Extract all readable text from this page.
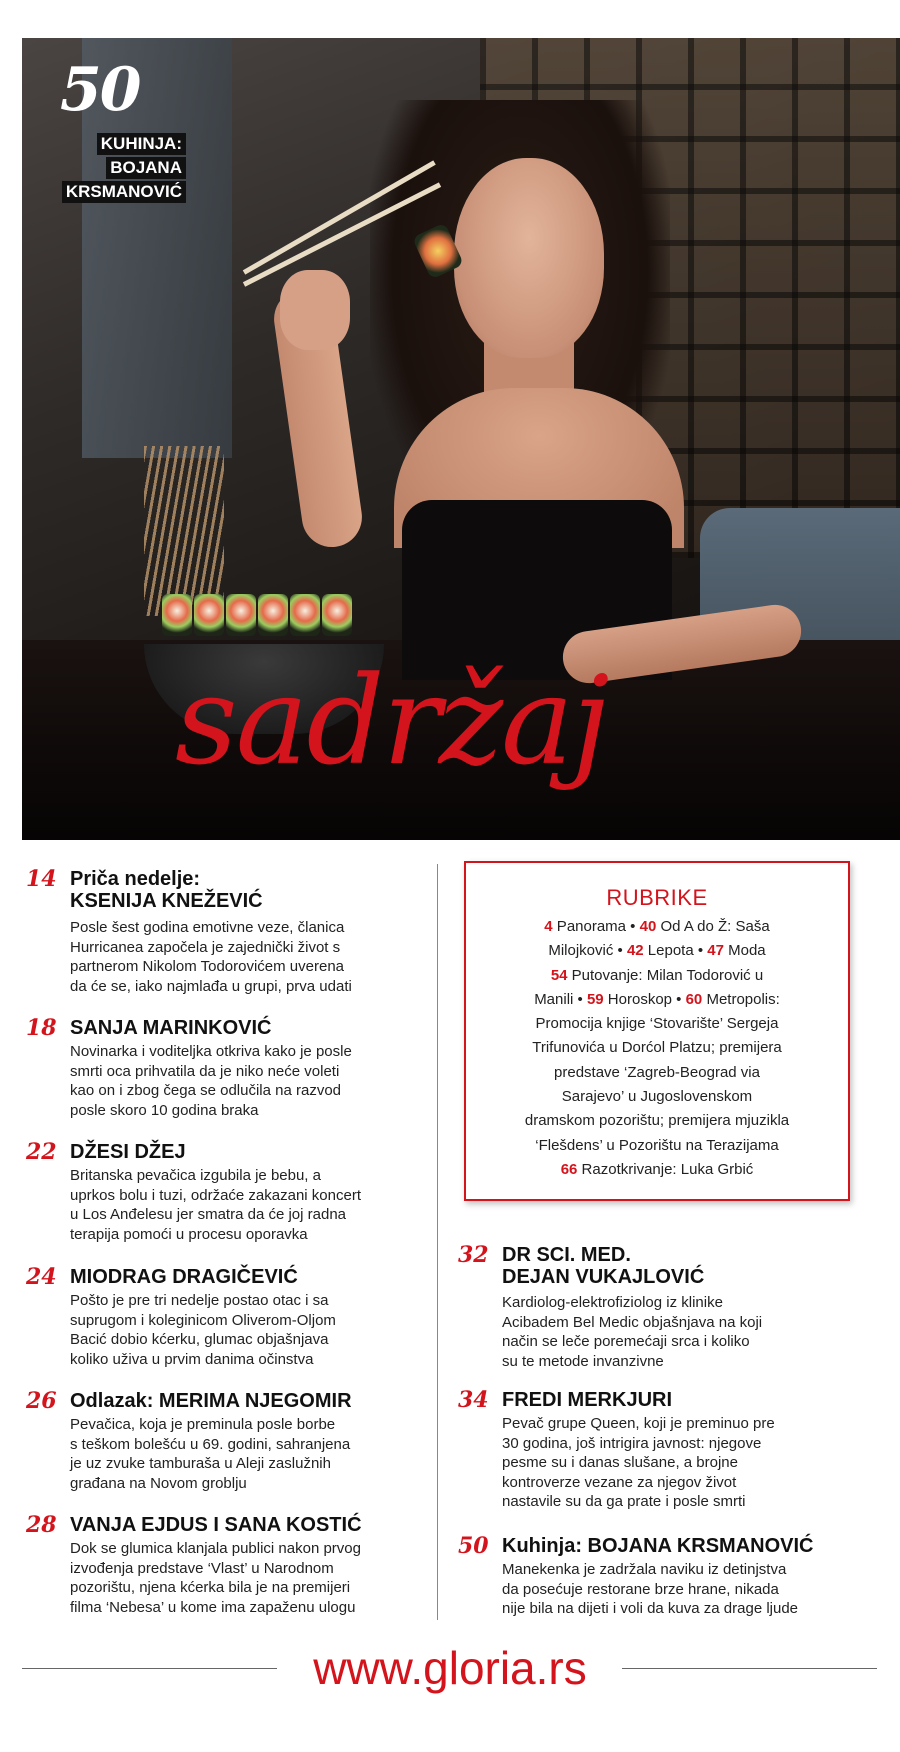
50
KUHINJA:
BOJANA
KRSMANOVIĆ
sadržaj
14 Priča nedelje:
KSENIJA KNEŽEVIĆ
Posle šest godina emotivne veze, članica
Hurricanea započela je zajednički život s
partnerom Nikolom Todorovićem uverena
da će se, iako najmlađa u grupi, prva udati
18 SANJA MARINKOVIĆ
Novinarka i voditeljka otkriva kako je posle
smrti oca prihvatila da je niko neće voleti
kao on i zbog čega se odlučila na razvod
posle skoro 10 godina braka
22 DŽESI DŽEJ
Britanska pevačica izgubila je bebu, a
uprkos bolu i tuzi, održaće zakazani koncert
u Los Anđelesu jer smatra da će joj radna
terapija pomoći u procesu oporavka
24 MIODRAG DRAGIČEVIĆ
Pošto je pre tri nedelje postao otac i sa
suprugom i koleginicom Oliverom-Oljom
Bacić dobio kćerku, glumac objašnjava
koliko uživa u prvim danima očinstva
26 Odlazak: MERIMA NJEGOMIR
Pevačica, koja je preminula posle borbe
s teškom bolešću u 69. godini, sahranjena
je uz zvuke tamburaša u Aleji zaslužnih
građana na Novom groblju
28 VANJA EJDUS I SANA KOSTIĆ
Dok se glumica klanjala publici nakon prvog
izvođenja predstave ‘Vlast’ u Narodnom
pozorištu, njena kćerka bila je na premijeri
filma ‘Nebesa’ u kome ima zapaženu ulogu
RUBRIKE
4 Panorama • 40 Od A do Ž: Saša
Milojković • 42 Lepota • 47 Moda
54 Putovanje: Milan Todorović u
Manili • 59 Horoskop • 60 Metropolis:
Promocija knjige ‘Stovarište’ Sergeja
Trifunovića u Dorćol Platzu; premijera
predstave ‘Zagreb-Beograd via
Sarajevo’ u Jugoslovenskom
dramskom pozorištu; premijera mjuzikla
‘Flešdens’ u Pozorištu na Terazijama
66 Razotkrivanje: Luka Grbić
32 DR SCI. MED.
DEJAN VUKAJLOVIĆ
Kardiolog-elektrofiziolog iz klinike
Acibadem Bel Medic objašnjava na koji
način se leče poremećaji srca i koliko
su te metode invanzivne
34 FREDI MERKJURI
Pevač grupe Queen, koji je preminuo pre
30 godina, još intrigira javnost: njegove
pesme su i danas slušane, a brojne
kontroverze vezane za njegov život
nastavile su da ga prate i posle smrti
50 Kuhinja: BOJANA KRSMANOVIĆ
Manekenka je zadržala naviku iz detinjstva
da posećuje restorane brze hrane, nikada
nije bila na dijeti i voli da kuva za drage ljude
www.gloria.rs
